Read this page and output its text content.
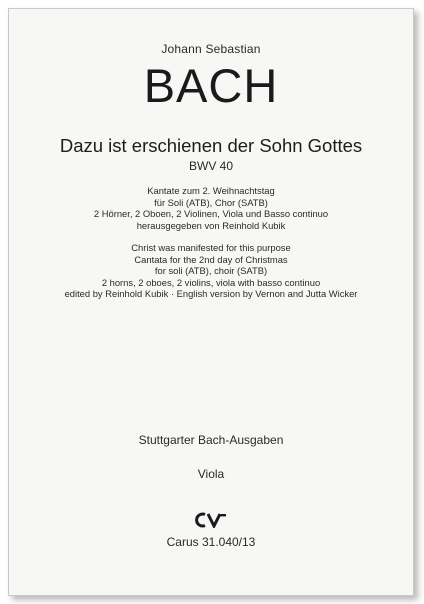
Johann Sebastian
BACH
Dazu ist erschienen der Sohn Gottes
BWV 40
Kantate zum 2. Weihnachtstag
für Soli (ATB), Chor (SATB)
2 Hörner, 2 Oboen, 2 Violinen, Viola und Basso continuo
herausgegeben von Reinhold Kubik
Christ was manifested for this purpose
Cantata for the 2nd day of Christmas
for soli (ATB), choir (SATB)
2 horns, 2 oboes, 2 violins, viola with basso continuo
edited by Reinhold Kubik · English version by Vernon and Jutta Wicker
Stuttgarter Bach-Ausgaben
Viola
Carus 31.040/13
